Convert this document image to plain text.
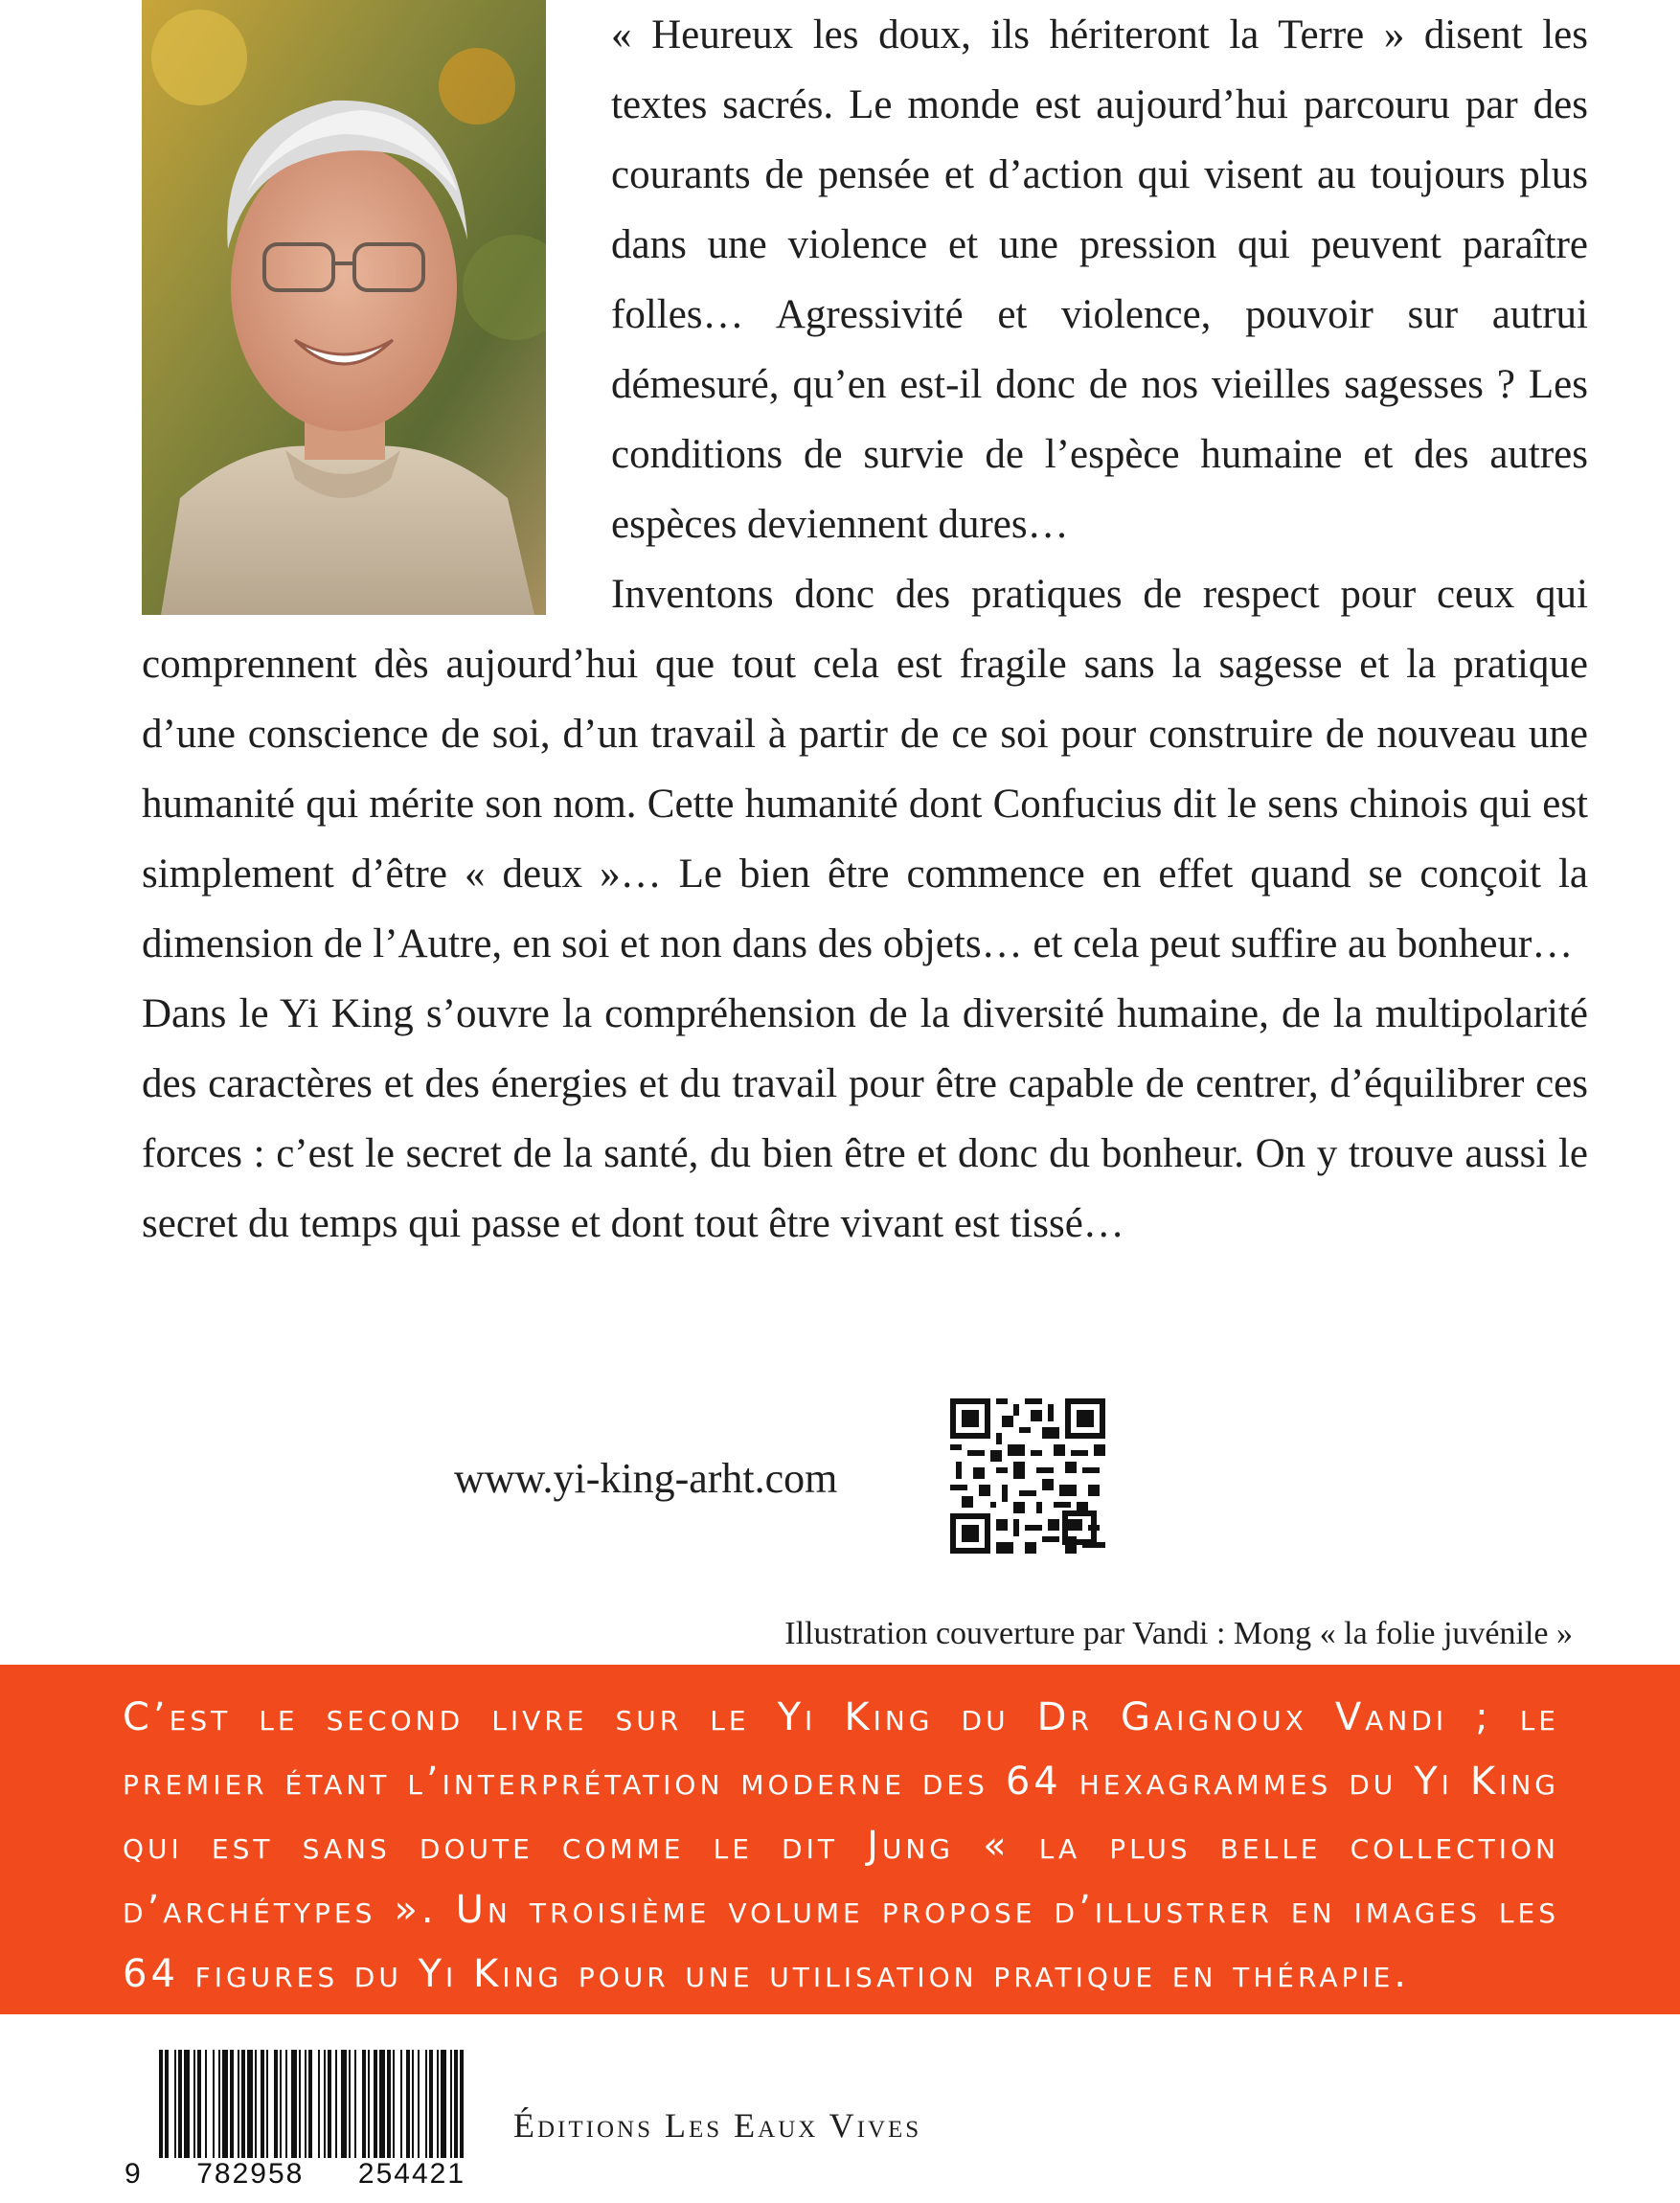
« Heureux les doux, ils hériteront la Terre » disent les textes sacrés. Le monde est aujourd’hui parcouru par des courants de pensée et d’action qui visent au toujours plus dans une violence et une pression qui peuvent paraître folles… Agressivité et violence, pouvoir sur autrui démesuré, qu’en est-il donc de nos vieilles sagesses ? Les conditions de survie de l’espèce humaine et des autres espèces deviennent dures…

Inventons donc des pratiques de respect pour ceux qui comprennent dès aujourd’hui que tout cela est fragile sans la sagesse et la pratique d’une conscience de soi, d’un travail à partir de ce soi pour construire de nouveau une humanité qui mérite son nom. Cette humanité dont Confucius dit le sens chinois qui est simplement d’être « deux »… Le bien être commence en effet quand se conçoit la dimension de l’Autre, en soi et non dans des objets… et cela peut suffire au bonheur…

Dans le Yi King s’ouvre la compréhension de la diversité humaine, de la multipolarité des caractères et des énergies et du travail pour être capable de centrer, d’équilibrer ces forces : c’est le secret de la santé, du bien être et donc du bonheur. On y trouve aussi le secret du temps qui passe et dont tout être vivant est tissé…

www.yi-king-arht.com
Illustration couverture par Vandi : Mong « la folie juvénile »
C’est le second livre sur le Yi King du Dr Gaignoux Vandi ; le premier étant l’interprétation moderne des 64 hexagrammes du Yi King qui est sans doute comme le dit Jung « la plus belle collection d’archétypes ». Un troisième volume propose d’illustrer en images les 64 figures du Yi King pour une utilisation pratique en thérapie.
9 782958 254421
Éditions Les Eaux Vives
